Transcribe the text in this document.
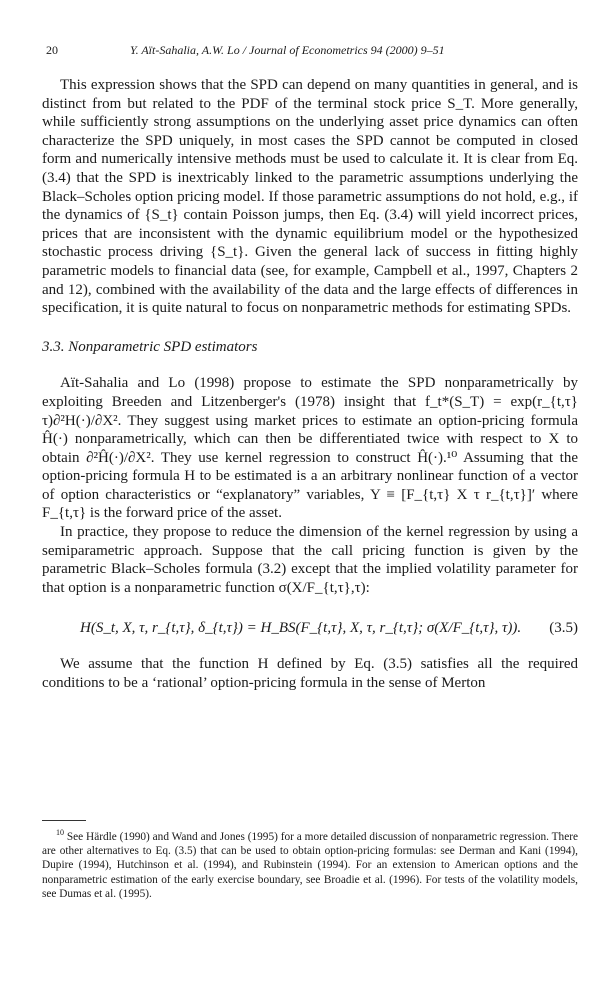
20	Y. Aït-Sahalia, A.W. Lo / Journal of Econometrics 94 (2000) 9–51

This expression shows that the SPD can depend on many quantities in general, and is distinct from but related to the PDF of the terminal stock price S_T. More generally, while sufficiently strong assumptions on the underlying asset price dynamics can often characterize the SPD uniquely, in most cases the SPD cannot be computed in closed form and numerically intensive methods must be used to calculate it. It is clear from Eq. (3.4) that the SPD is inextricably linked to the parametric assumptions underlying the Black–Scholes option pricing model. If those parametric assumptions do not hold, e.g., if the dynamics of {S_t} contain Poisson jumps, then Eq. (3.4) will yield incorrect prices, prices that are inconsistent with the dynamic equilibrium model or the hypothesized stochastic process driving {S_t}. Given the general lack of success in fitting highly parametric models to financial data (see, for example, Campbell et al., 1997, Chapters 2 and 12), combined with the availability of the data and the large effects of differences in specification, it is quite natural to focus on nonparametric methods for estimating SPDs.

3.3. Nonparametric SPD estimators

Aït-Sahalia and Lo (1998) propose to estimate the SPD nonparametrically by exploiting Breeden and Litzenberger's (1978) insight that f_t*(S_T) = exp(r_{t,τ}τ)∂²H(·)/∂X². They suggest using market prices to estimate an option-pricing formula Ĥ(·) nonparametrically, which can then be differentiated twice with respect to X to obtain ∂²Ĥ(·)/∂X². They use kernel regression to construct Ĥ(·).¹⁰ Assuming that the option-pricing formula H to be estimated is a an arbitrary nonlinear function of a vector of option characteristics or “explanatory” variables, Y ≡ [F_{t,τ} X τ r_{t,τ}]′ where F_{t,τ} is the forward price of the asset.

In practice, they propose to reduce the dimension of the kernel regression by using a semiparametric approach. Suppose that the call pricing function is given by the parametric Black–Scholes formula (3.2) except that the implied volatility parameter for that option is a nonparametric function σ(X/F_{t,τ},τ):

H(S_t, X, τ, r_{t,τ}, δ_{t,τ}) = H_BS(F_{t,τ}, X, τ, r_{t,τ}; σ(X/F_{t,τ}, τ)). (3.5)

We assume that the function H defined by Eq. (3.5) satisfies all the required conditions to be a ‘rational’ option-pricing formula in the sense of Merton

$^{10}$ See Härdle (1990) and Wand and Jones (1995) for a more detailed discussion of nonparametric regression. There are other alternatives to Eq. (3.5) that can be used to obtain option-pricing formulas: see Derman and Kani (1994), Dupire (1994), Hutchinson et al. (1994), and Rubinstein (1994). For an extension to American options and the nonparametric estimation of the early exercise boundary, see Broadie et al. (1996). For tests of the volatility models, see Dumas et al. (1995).
